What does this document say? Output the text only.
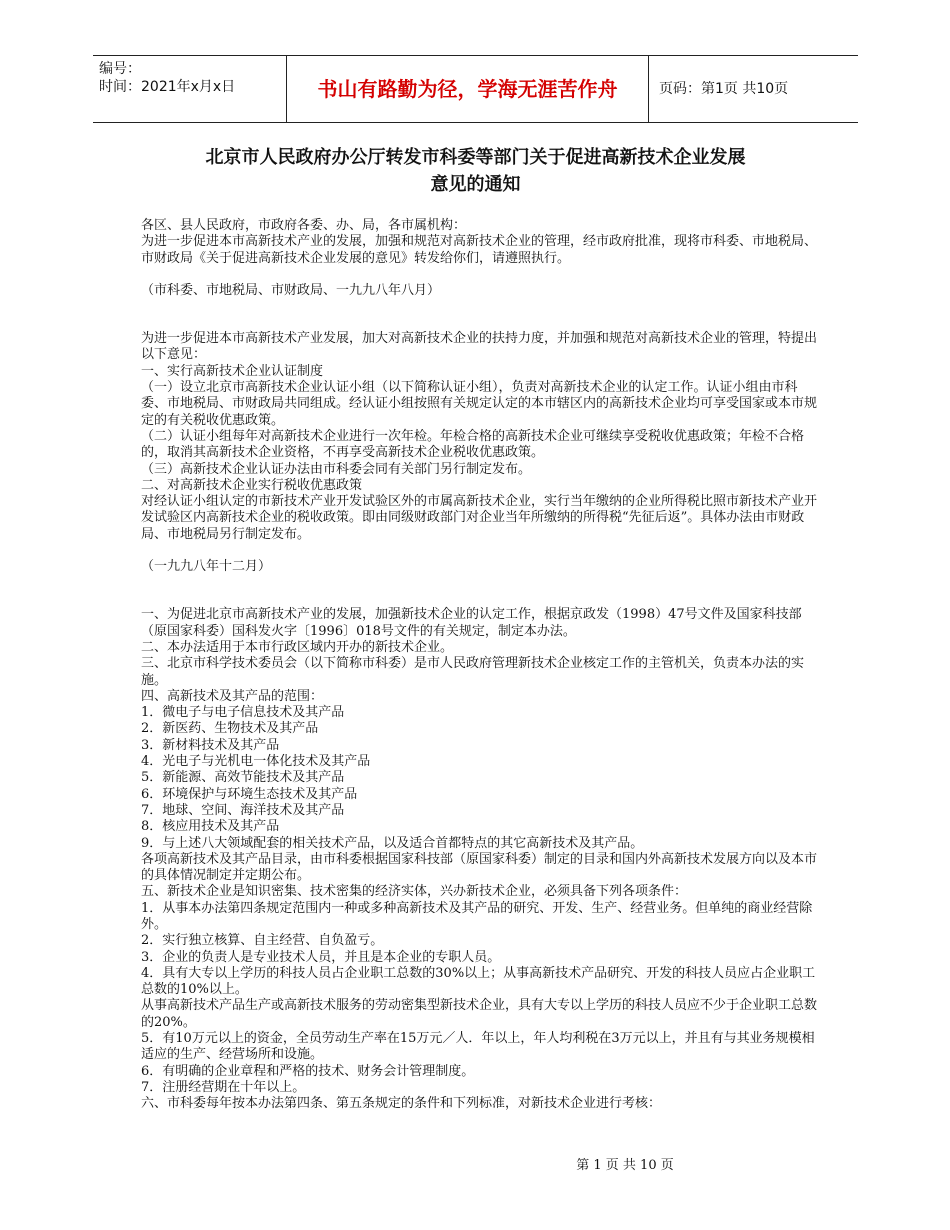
编号：
时间：2021年x月x日	书山有路勤为径，学海无涯苦作舟	页码：第1页 共10页
北京市人民政府办公厅转发市科委等部门关于促进高新技术企业发展
意见的通知

各区、县人民政府，市政府各委、办、局，各市属机构：

为进一步促进本市高新技术产业的发展，加强和规范对高新技术企业的管理，经市政府批准，现将市科委、市地税局、市财政局《关于促进高新技术企业发展的意见》转发给你们，请遵照执行。

（市科委、市地税局、市财政局、一九九八年八月）

为进一步促进本市高新技术产业发展，加大对高新技术企业的扶持力度，并加强和规范对高新技术企业的管理，特提出以下意见：

一、实行高新技术企业认证制度

（一）设立北京市高新技术企业认证小组（以下简称认证小组），负责对高新技术企业的认定工作。认证小组由市科委、市地税局、市财政局共同组成。经认证小组按照有关规定认定的本市辖区内的高新技术企业均可享受国家或本市规定的有关税收优惠政策。

（二）认证小组每年对高新技术企业进行一次年检。年检合格的高新技术企业可继续享受税收优惠政策；年检不合格的，取消其高新技术企业资格，不再享受高新技术企业税收优惠政策。

（三）高新技术企业认证办法由市科委会同有关部门另行制定发布。

二、对高新技术企业实行税收优惠政策

对经认证小组认定的市新技术产业开发试验区外的市属高新技术企业，实行当年缴纳的企业所得税比照市新技术产业开发试验区内高新技术企业的税收政策。即由同级财政部门对企业当年所缴纳的所得税“先征后返”。具体办法由市财政局、市地税局另行制定发布。

（一九九八年十二月）

一、为促进北京市高新技术产业的发展，加强新技术企业的认定工作，根据京政发（1998）47号文件及国家科技部（原国家科委）国科发火字〔1996〕018号文件的有关规定，制定本办法。

二、本办法适用于本市行政区域内开办的新技术企业。

三、北京市科学技术委员会（以下简称市科委）是市人民政府管理新技术企业核定工作的主管机关，负责本办法的实施。

四、高新技术及其产品的范围：

1．微电子与电子信息技术及其产品

2．新医药、生物技术及其产品

3．新材料技术及其产品

4．光电子与光机电一体化技术及其产品

5．新能源、高效节能技术及其产品

6．环境保护与环境生态技术及其产品

7．地球、空间、海洋技术及其产品

8．核应用技术及其产品

9．与上述八大领域配套的相关技术产品，以及适合首都特点的其它高新技术及其产品。

各项高新技术及其产品目录，由市科委根据国家科技部（原国家科委）制定的目录和国内外高新技术发展方向以及本市的具体情况制定并定期公布。

五、新技术企业是知识密集、技术密集的经济实体，兴办新技术企业，必须具备下列各项条件：

1．从事本办法第四条规定范围内一种或多种高新技术及其产品的研究、开发、生产、经营业务。但单纯的商业经营除外。

2．实行独立核算、自主经营、自负盈亏。

3．企业的负责人是专业技术人员，并且是本企业的专职人员。

4．具有大专以上学历的科技人员占企业职工总数的30%以上；从事高新技术产品研究、开发的科技人员应占企业职工总数的10%以上。

从事高新技术产品生产或高新技术服务的劳动密集型新技术企业，具有大专以上学历的科技人员应不少于企业职工总数的20%。

5．有10万元以上的资金，全员劳动生产率在15万元／人．年以上，年人均利税在3万元以上，并且有与其业务规模相适应的生产、经营场所和设施。

6．有明确的企业章程和严格的技术、财务会计管理制度。

7．注册经营期在十年以上。

六、市科委每年按本办法第四条、第五条规定的条件和下列标准，对新技术企业进行考核：

第 1 页 共 10 页
